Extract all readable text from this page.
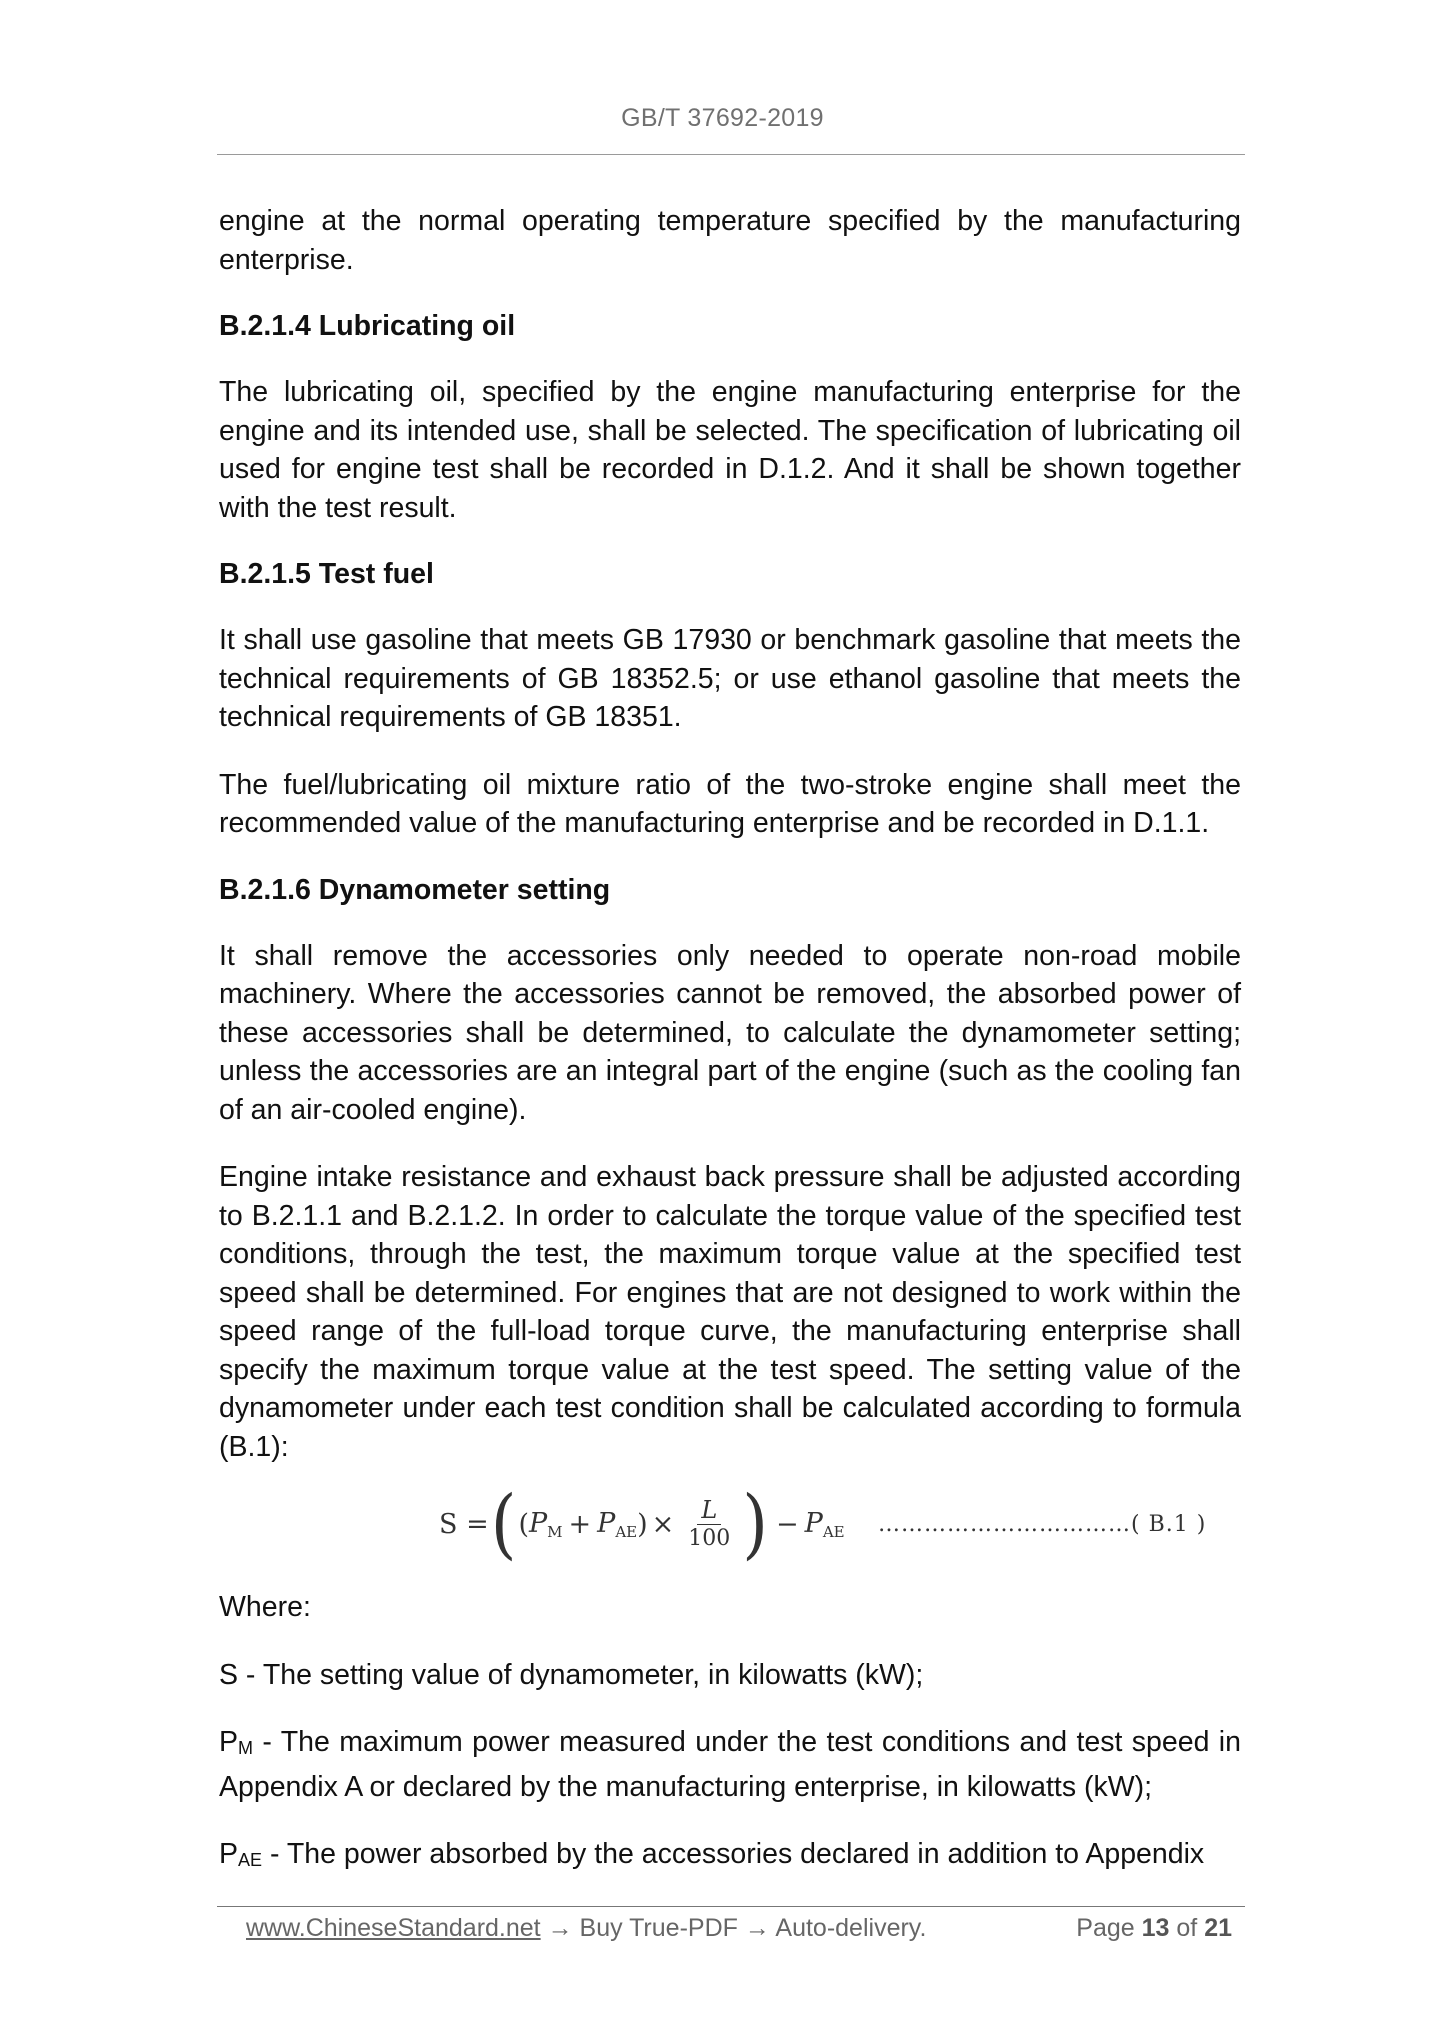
GB/T 37692-2019

engine at the normal operating temperature specified by the manufacturing enterprise.

B.2.1.4 Lubricating oil

The lubricating oil, specified by the engine manufacturing enterprise for the engine and its intended use, shall be selected. The specification of lubricating oil used for engine test shall be recorded in D.1.2. And it shall be shown together with the test result.

B.2.1.5 Test fuel

It shall use gasoline that meets GB 17930 or benchmark gasoline that meets the technical requirements of GB 18352.5; or use ethanol gasoline that meets the technical requirements of GB 18351.

The fuel/lubricating oil mixture ratio of the two-stroke engine shall meet the recommended value of the manufacturing enterprise and be recorded in D.1.1.

B.2.1.6 Dynamometer setting

It shall remove the accessories only needed to operate non-road mobile machinery. Where the accessories cannot be removed, the absorbed power of these accessories shall be determined, to calculate the dynamometer setting; unless the accessories are an integral part of the engine (such as the cooling fan of an air-cooled engine).

Engine intake resistance and exhaust back pressure shall be adjusted according to B.2.1.1 and B.2.1.2. In order to calculate the torque value of the specified test conditions, through the test, the maximum torque value at the specified test speed shall be determined. For engines that are not designed to work within the speed range of the full-load torque curve, the manufacturing enterprise shall specify the maximum torque value at the test speed. The setting value of the dynamometer under each test condition shall be calculated according to formula (B.1):

S = ( ( PM + PAE ) × $\frac{L}{100}$ ) − PAE ……………………………( B.1 )

Where:

S - The setting value of dynamometer, in kilowatts (kW);

PM - The maximum power measured under the test conditions and test speed in Appendix A or declared by the manufacturing enterprise, in kilowatts (kW);

PAE - The power absorbed by the accessories declared in addition to Appendix

www.ChineseStandard.net → Buy True-PDF → Auto-delivery.	Page 13 of 21
